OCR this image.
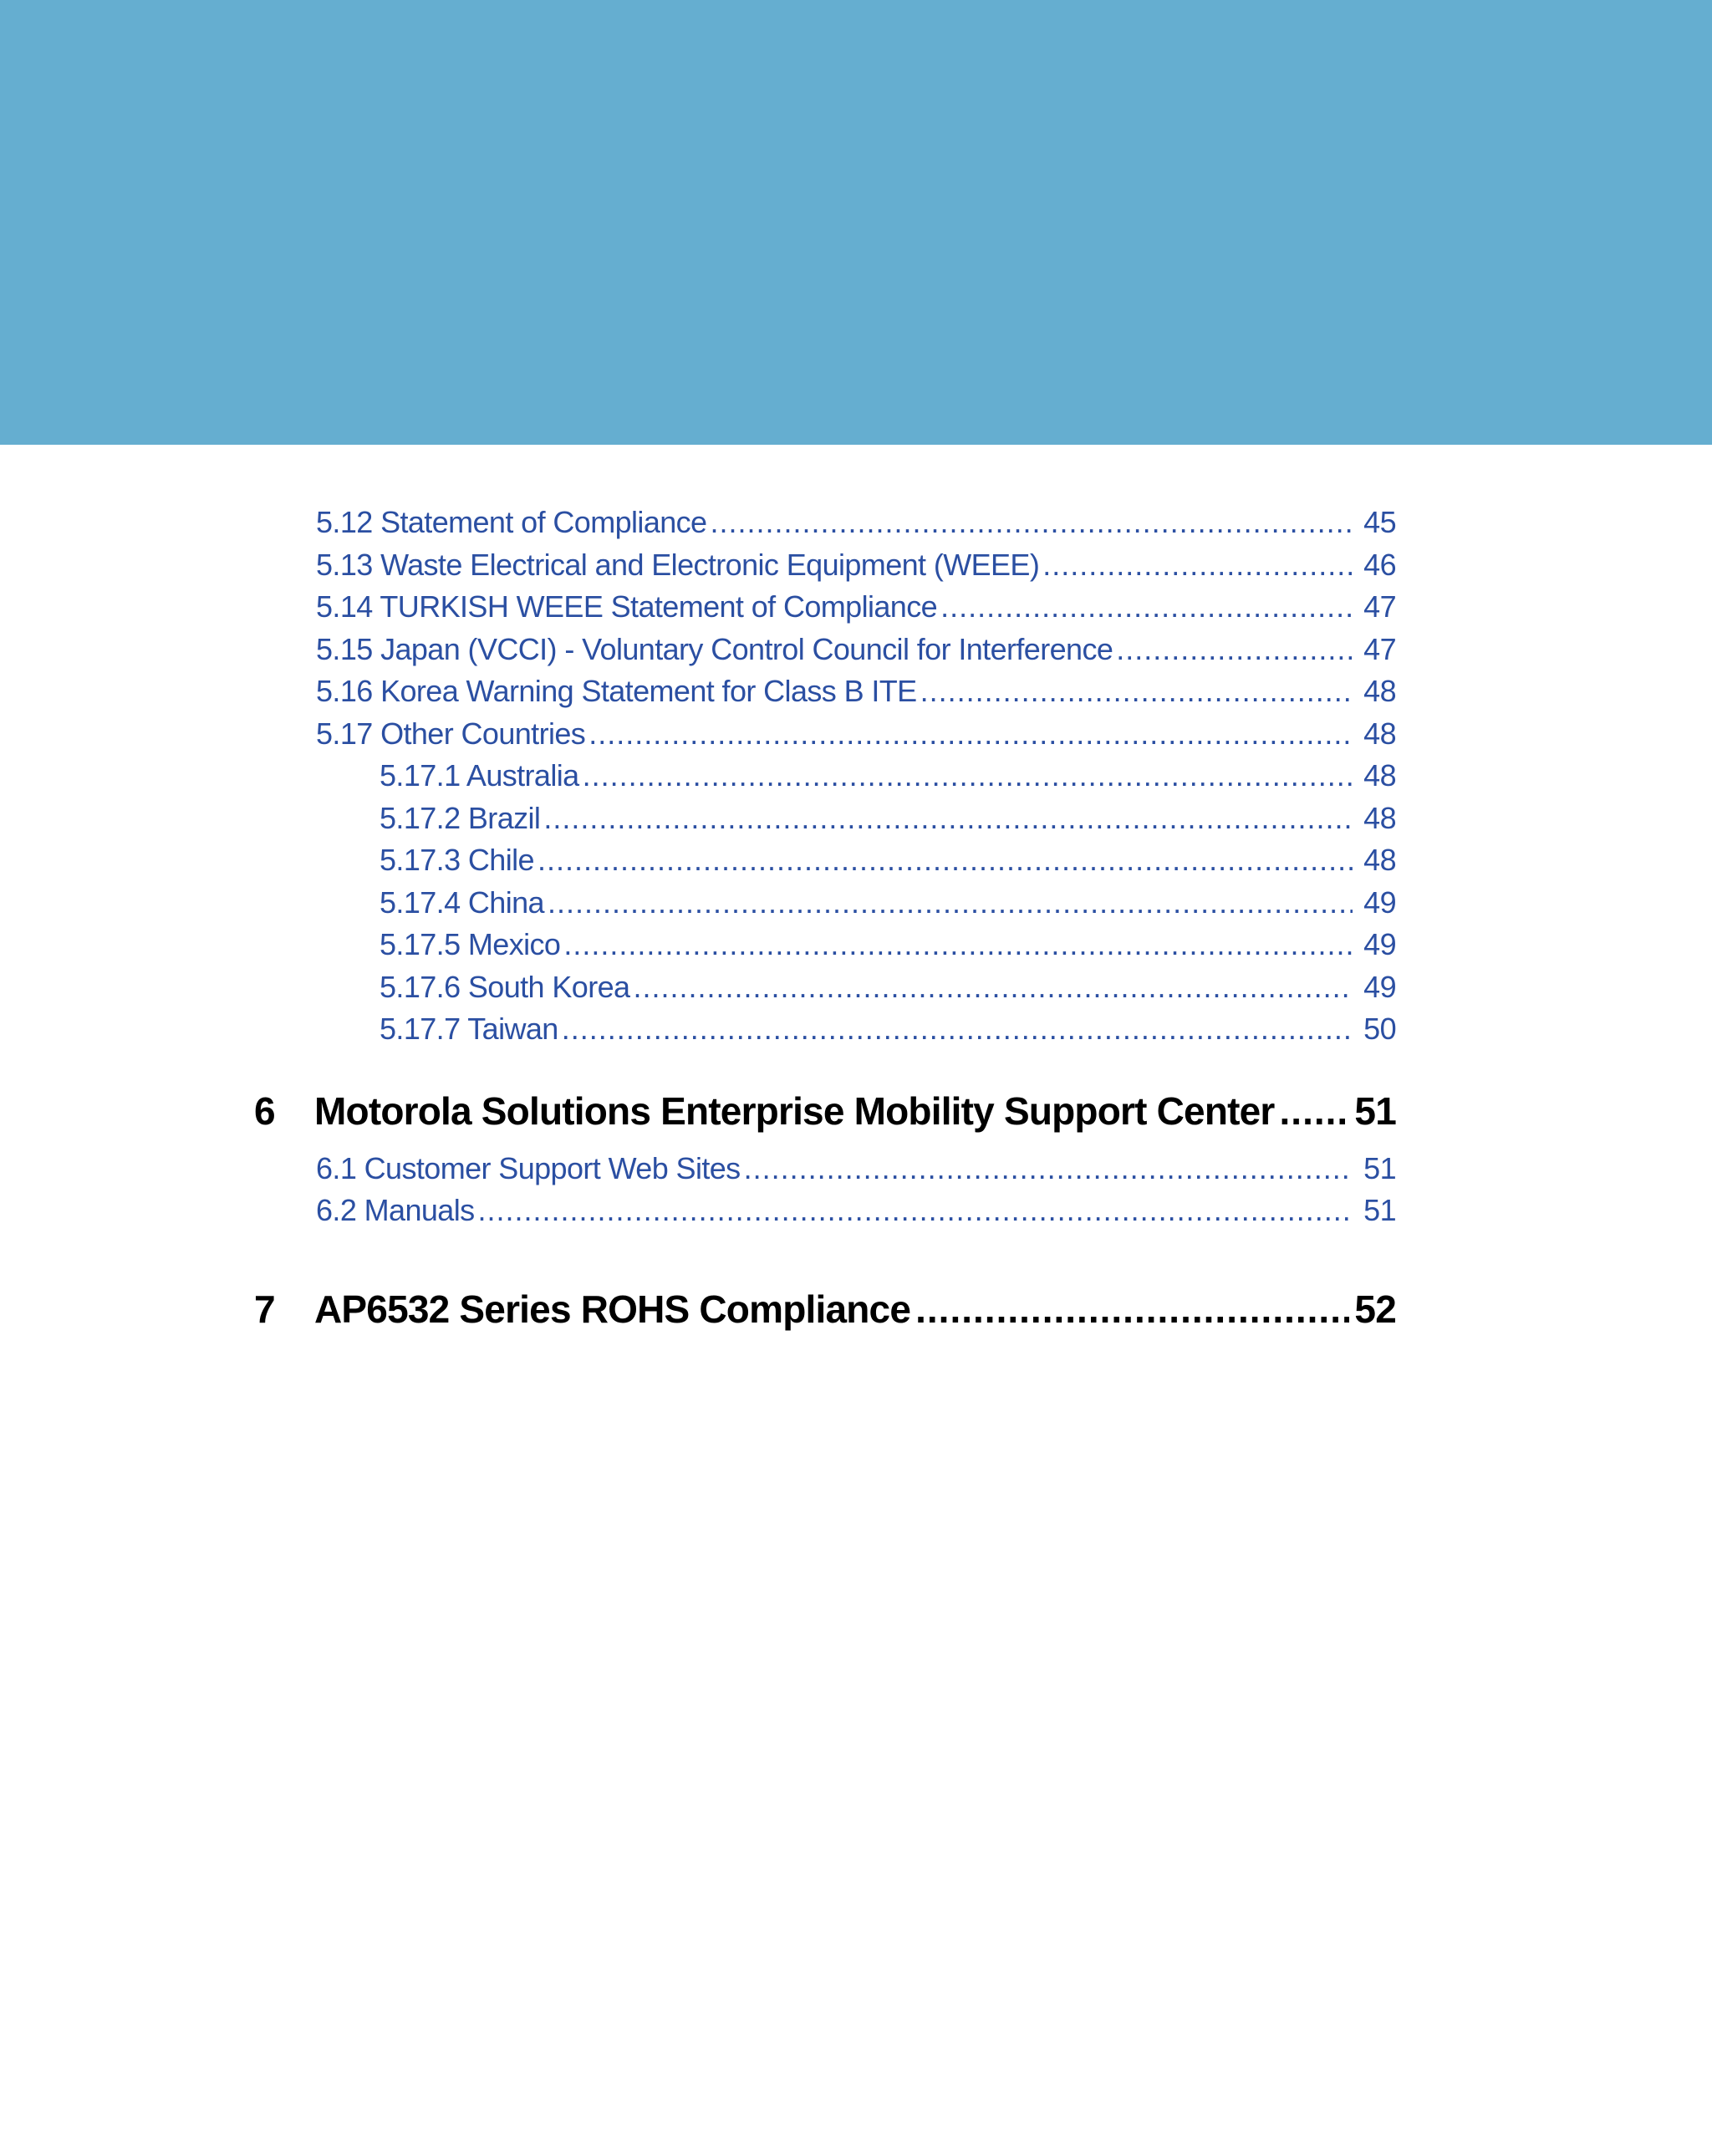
5.12 Statement of Compliance .....	45
5.13 Waste Electrical and Electronic Equipment (WEEE) .....	46
5.14 TURKISH WEEE Statement of Compliance .....	47
5.15 Japan (VCCI) - Voluntary Control Council for Interference .....	47
5.16 Korea Warning Statement for Class B ITE .....	48
5.17 Other Countries .....	48
5.17.1 Australia .....	48
5.17.2 Brazil .....	48
5.17.3 Chile .....	48
5.17.4 China .....	49
5.17.5 Mexico .....	49
5.17.6 South Korea .....	49
5.17.7 Taiwan .....	50
6	Motorola Solutions Enterprise Mobility Support Center ..... 51
6.1 Customer Support Web Sites .....	51
6.2 Manuals .....	51
7	AP6532 Series ROHS Compliance .....	52
